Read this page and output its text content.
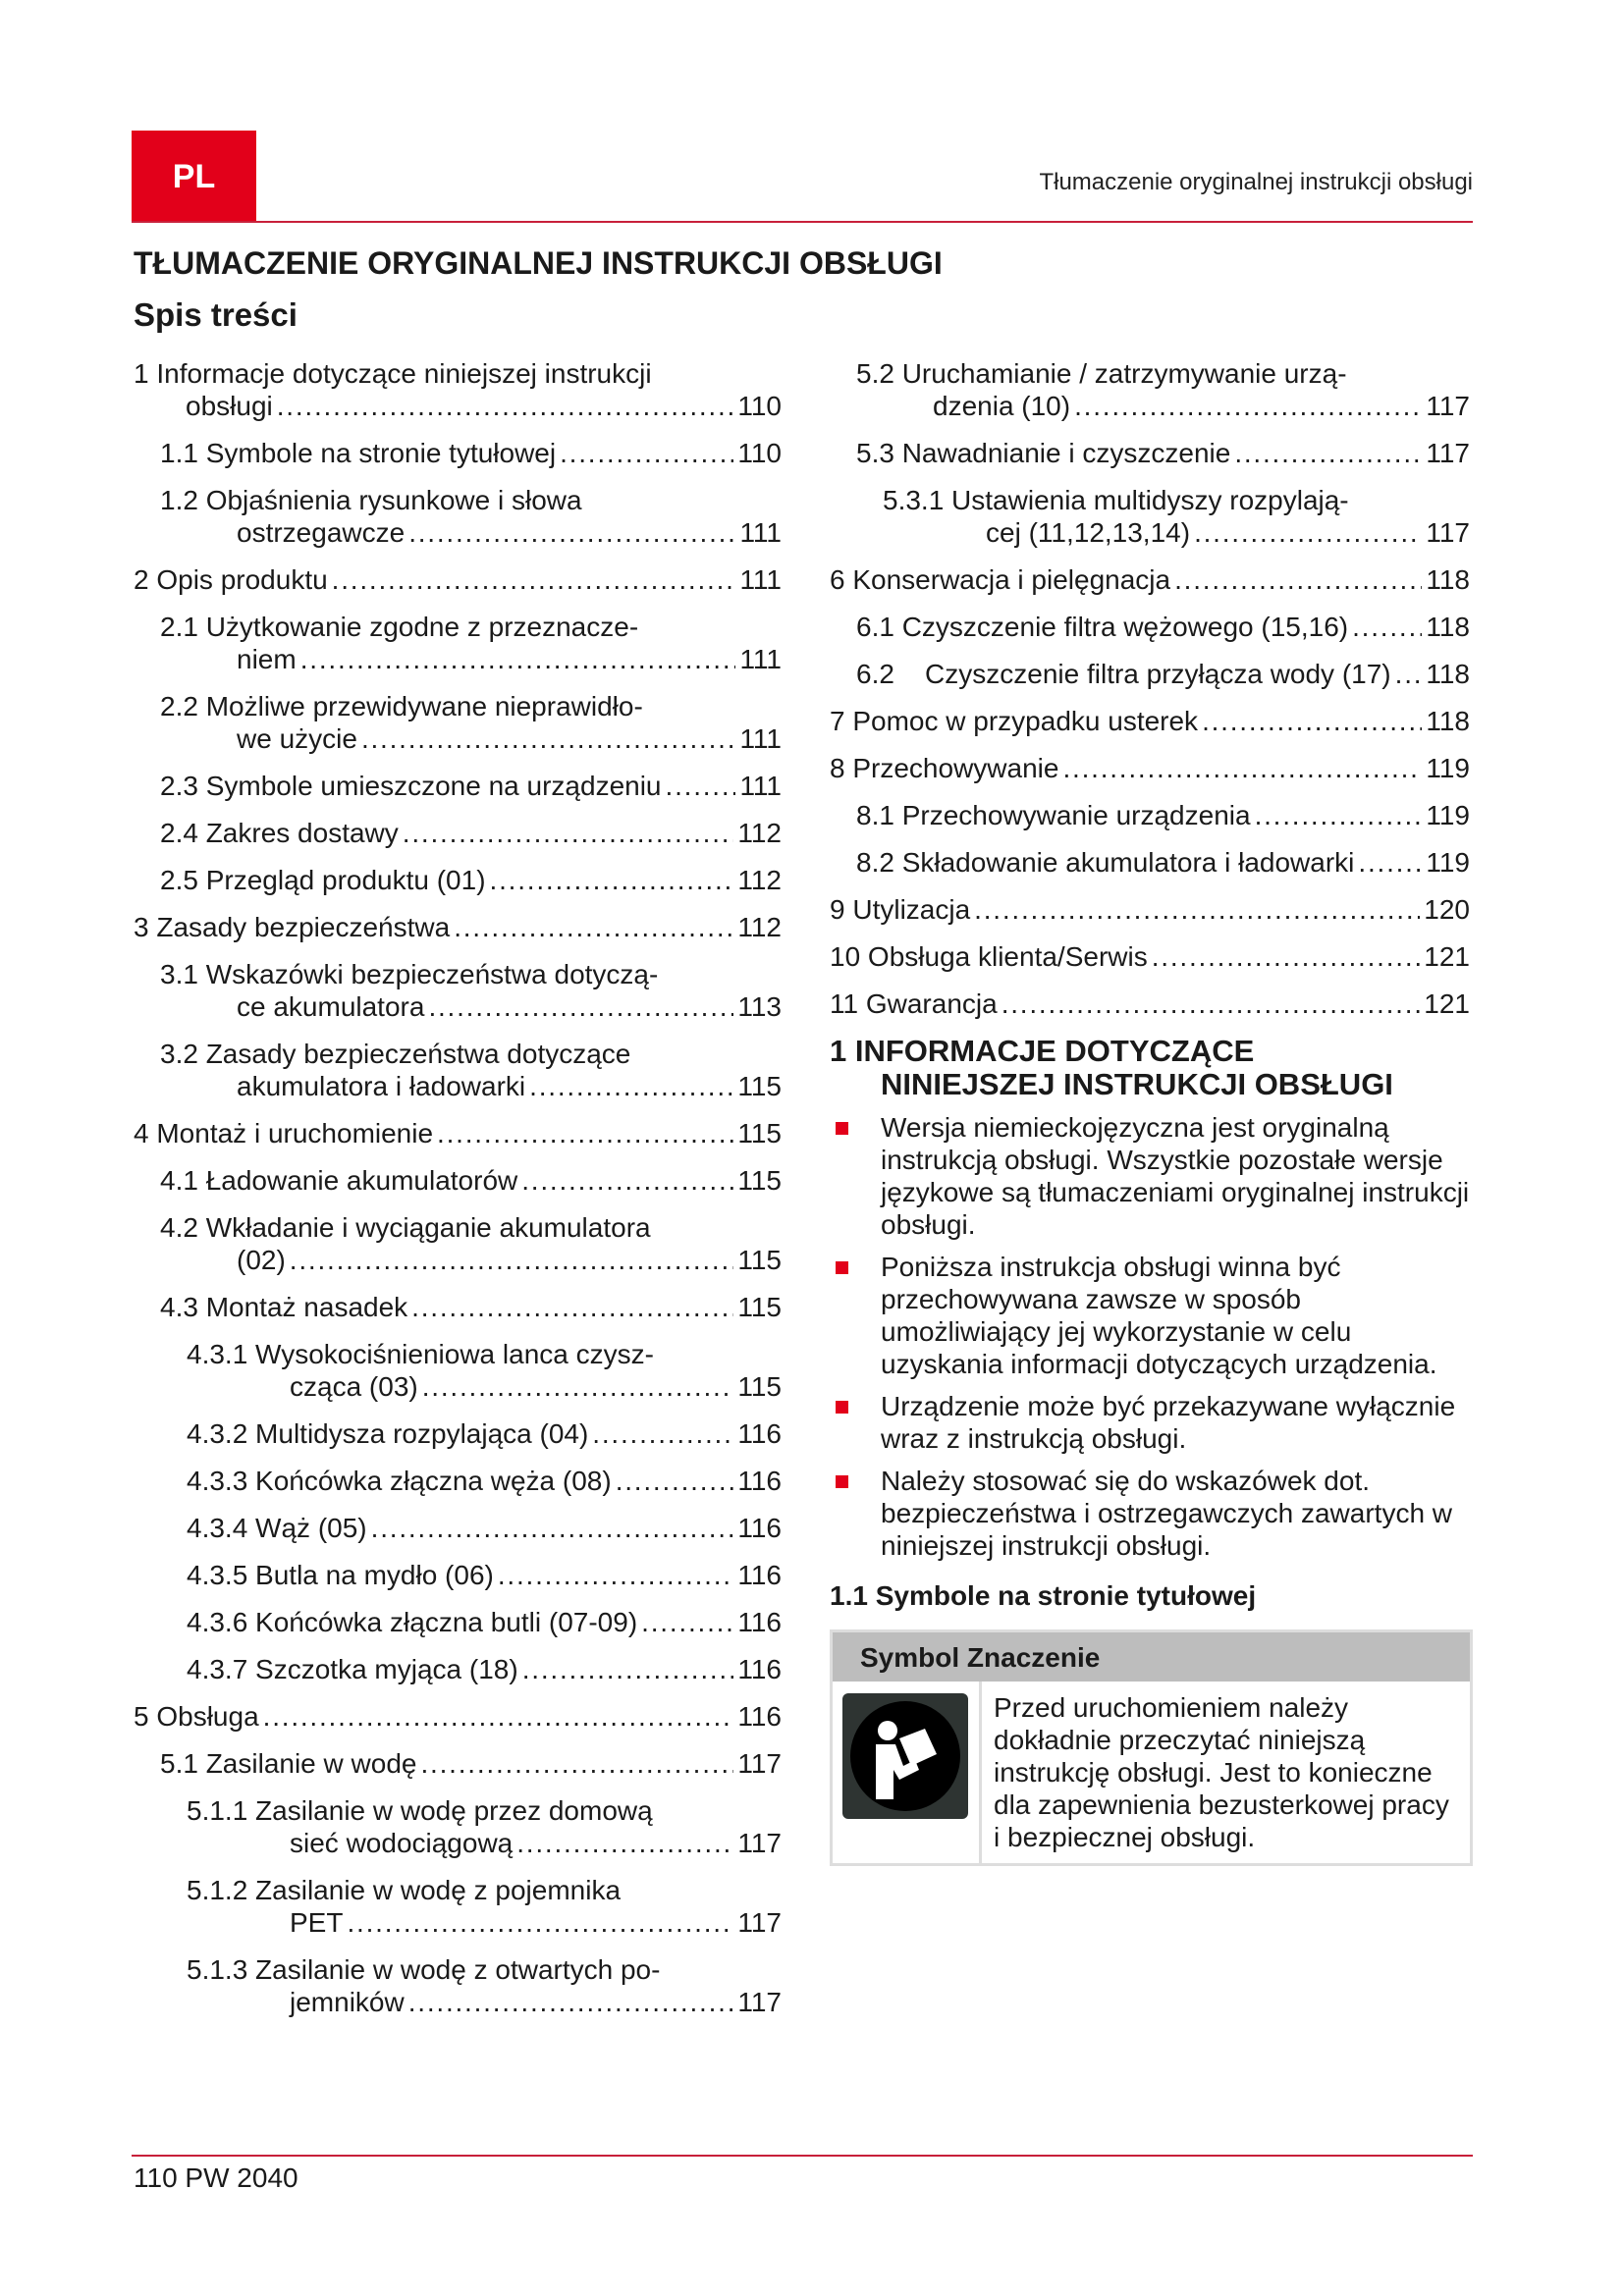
PL	Tłumaczenie oryginalnej instrukcji obsługi
TŁUMACZENIE ORYGINALNEJ INSTRUKCJI OBSŁUGI
Spis treści
1 Informacje dotyczące niniejszej instrukcji
obsługi . . .	110
1.1 Symbole na stronie tytułowej . . .	110
1.2 Objaśnienia rysunkowe i słowa
ostrzegawcze . . .	111
2 Opis produktu . . .	111
2.1 Użytkowanie zgodne z przeznacze-
niem . . .	111
2.2 Możliwe przewidywane nieprawidło-
we użycie . . .	111
2.3 Symbole umieszczone na urządzeniu . . .	111
2.4 Zakres dostawy . . .	112
2.5 Przegląd produktu (01) . . .	112
3 Zasady bezpieczeństwa . . .	112
3.1 Wskazówki bezpieczeństwa dotyczą-
ce akumulatora . . .	113
3.2 Zasady bezpieczeństwa dotyczące
akumulatora i ładowarki . . .	115
4 Montaż i uruchomienie . . .	115
4.1 Ładowanie akumulatorów . . .	115
4.2 Wkładanie i wyciąganie akumulatora
(02) . . .	115
4.3 Montaż nasadek . . .	115
4.3.1 Wysokociśnieniowa lanca czysz-
cząca (03) . . .	115
4.3.2 Multidysza rozpylająca (04) . . .	116
4.3.3 Końcówka złączna węża (08) . . .	116
4.3.4 Wąż (05) . . .	116
4.3.5 Butla na mydło (06) . . .	116
4.3.6 Końcówka złączna butli (07-09) . . .	116
4.3.7 Szczotka myjąca (18) . . .	116
5 Obsługa . . .	116
5.1 Zasilanie w wodę . . .	117
5.1.1 Zasilanie w wodę przez domową
sieć wodociągową . . .	117
5.1.2 Zasilanie w wodę z pojemnika
PET . . .	117
5.1.3 Zasilanie w wodę z otwartych po-
jemników . . .	117
5.2 Uruchamianie / zatrzymywanie urzą-
dzenia (10) . . .	117
5.3 Nawadnianie i czyszczenie . . .	117
5.3.1 Ustawienia multidyszy rozpylają-
cej (11,12,13,14) . . .	117
6 Konserwacja i pielęgnacja . . .	118
6.1 Czyszczenie filtra wężowego (15,16) . . .	118
6.2    Czyszczenie filtra przyłącza wody (17) . . . 118
7 Pomoc w przypadku usterek . . .	118
8 Przechowywanie . . .	119
8.1 Przechowywanie urządzenia . . .	119
8.2 Składowanie akumulatora i ładowarki . . .	119
9 Utylizacja . . .	120
10 Obsługa klienta/Serwis . . .	121
11 Gwarancja . . .	121
1 INFORMACJE DOTYCZĄCE
NINIEJSZEJ INSTRUKCJI OBSŁUGI
Wersja niemieckojęzyczna jest oryginalną instrukcją obsługi. Wszystkie pozostałe wersje językowe są tłumaczeniami oryginalnej instrukcji obsługi.
Poniższa instrukcja obsługi winna być przechowywana zawsze w sposób umożliwiający jej wykorzystanie w celu uzyskania informacji dotyczących urządzenia.
Urządzenie może być przekazywane wyłącznie wraz z instrukcją obsługi.
Należy stosować się do wskazówek dot. bezpieczeństwa i ostrzegawczych zawartych w niniejszej instrukcji obsługi.
1.1 Symbole na stronie tytułowej
Symbol Znaczenie
Przed uruchomieniem należy dokładnie przeczytać niniejszą instrukcję obsługi. Jest to konieczne dla zapewnienia bezusterkowej pracy i bezpiecznej obsługi.
110 PW 2040
